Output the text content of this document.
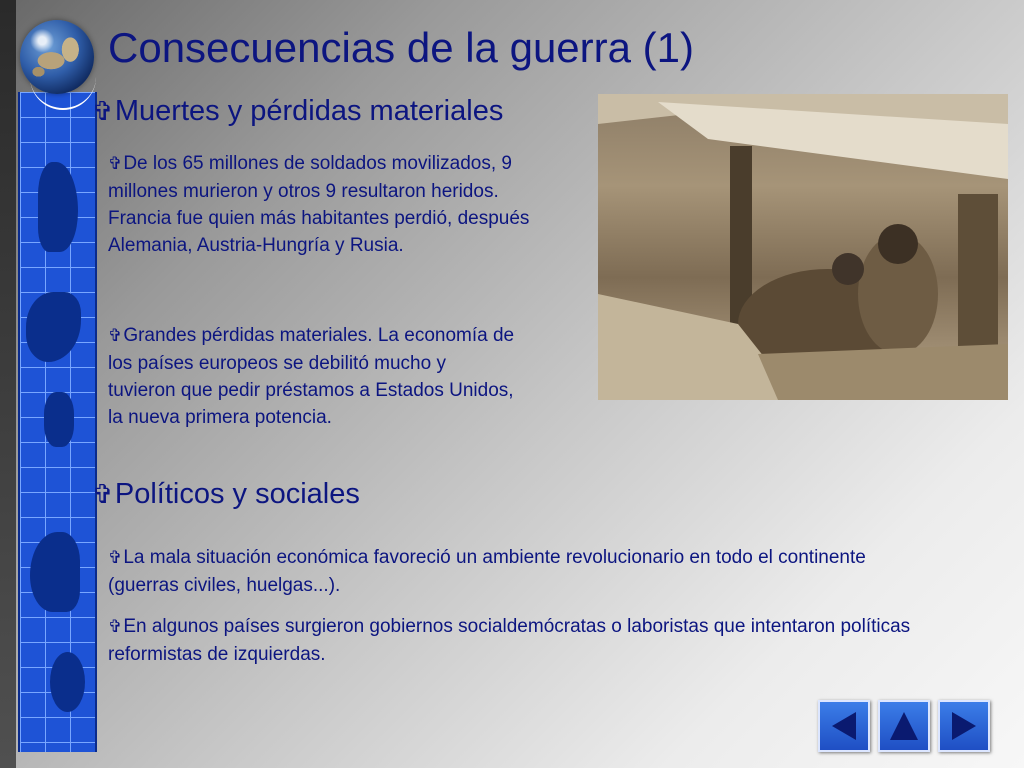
Consecuencias de la guerra (1)
✞Muertes y pérdidas materiales

✞De los 65 millones de soldados movilizados, 9 millones murieron y otros 9 resultaron heridos. Francia fue quien más habitantes perdió, después Alemania, Austria-Hungría y Rusia.

✞Grandes pérdidas materiales. La economía de los países europeos se debilitó mucho y tuvieron que pedir préstamos a Estados Unidos, la nueva primera potencia.

✞Políticos y sociales

✞La mala situación económica favoreció un ambiente revolucionario en todo el continente (guerras civiles, huelgas...).

✞En algunos países surgieron gobiernos socialdemócratas o laboristas que intentaron políticas reformistas de izquierdas.
